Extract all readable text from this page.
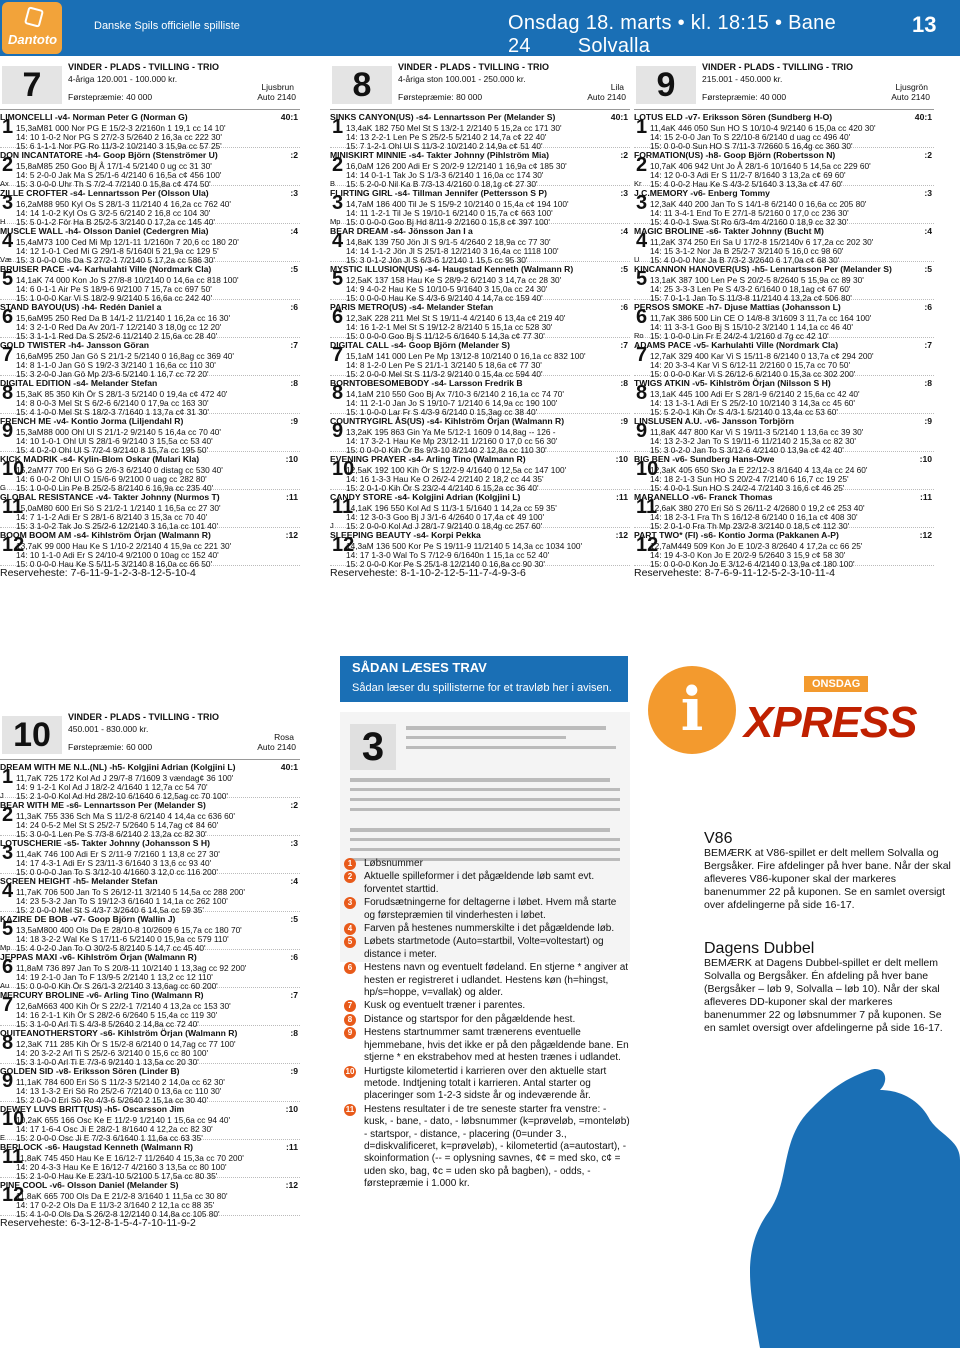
Dantoto
Danske Spils officielle spilliste	Onsdag 18. marts • kl. 18:15 • Bane 24 Solvalla
13
7	VINDER - PLADS - TVILLING - TRIO
4-åriga 120.001 - 100.000 kr.
Ljusbrun
Førstepræmie: 40 000	Auto 2140
LIMONCELLI -v4- Norman Peter G (Norman G)	40:1
1 15,3aM81 000 Nor PG E 15/2-3 2/2160n 1 19,1 cc 14 10'
14: 10 1-0-2 Nor PG S 27/2-3 5/2640 2 16,3a cc 222 30'
15: 6 1-1-1 Nor PG Ro 11/3-2 10/2140 3 15,9a cc 57 25'
DON INCANTATORE -h4- Goop Björn (Stenströmer U)	:2
2 15,8aM85 250 Goo Bj Å 17/1-4 5/2140 0 ug cc 31 30'
14: 5 2-0-0 Jak Ma S 25/1-6 4/2140 6 16,5a c¢ 456 100'
15: 3 0-0-0 Uhr Th S 7/2-4 7/2140 0 15,8a c¢ 474 50'
Ax
ZILLE CROFTER -s4- Lennartsson Per (Olsson Ula)	:3
3 16,2aM88 950 Kyl Os S 28/1-3 11/2140 4 16,2a cc 762 40'
14: 14 1-0-2 Kyl Os G 3/2-5 6/2140 2 16,8 cc 104 30'
15: 5 0-1-2 För Ha B 25/2-5 3/2140 0 17,2a cc 145 40'
H
MUSCLE WALL -h4- Olsson Daniel (Cedergren Mia)	:4
4 15,4aM73 100 Ced Mi Mp 12/1-11 1/2160n 7 20,6 cc 180 20'
14: 12 1-0-1 Ced Mi G 29/1-8 5/1640l 5 21,9a cc 129 5'
15: 3 0-0-0 Ols Da S 27/2-1 7/2140 5 17,2a cc 586 30'
Væ
BRUISER PACE -v4- Karhulahti Ville (Nordmark Cla)	:5
5 14,1aK 74 000 Kon Jo S 27/8-8 10/2140 0 14,6a cc 818 100'
14: 6 0-1-1 Air Pe S 18/9-6 9/2100 7 15,7a cc 697 50'
15: 1 0-0-0 Kar Vi S 18/2-9 9/2140 5 16,6a cc 242 40'
STAND BAYOU(US) -h4- Redén Daniel a	:6
6 15,6aM95 250 Red Da B 14/1-2 11/2140 1 16,2a cc 16 30'
14: 3 2-1-0 Red Da Av 20/1-7 12/2140 3 18,0g cc 12 20'
15: 3 1-1-1 Red Da S 25/2-6 11/2140 2 15,6a cc 28 40'
GOLD TWISTER -h4- Jansson Göran	:7
7 16,6aM95 250 Jan Gö S 21/1-2 5/2140 0 16,8ag cc 369 40'
14: 8 1-1-0 Jan Gö S 19/2-3 3/2140 1 16,6a cc 110 30'
15: 3 2-0-0 Jan Gö Mp 2/3-6 5/2140 1 16,7 cc 72 20'
DIGITAL EDITION -s4- Melander Stefan	:8
8 15,3aK 85 350 Kih Ör S 28/1-3 5/2140 0 19,4a c¢ 472 40'
14: 8 0-0-3 Mel St S 6/2-6 6/2140 0 17,9a cc 163 30'
15: 4 1-0-0 Mel St S 18/2-3 7/1640 1 13,7a c¢ 31 30'
FRENCH ME -v4- Kontio Jorma (Liljendahl R)	:9
9 15,3aM88 000 Ohl Ul S 21/1-2 9/2140 5 16,4a cc 70 40'
14: 10 1-0-1 Ohl Ul S 28/1-6 9/2140 3 15,5a cc 53 40'
15: 4 0-2-0 Ohl Ul S 7/2-4 9/2140 8 15,7a cc 195 50'
KICK MADRIK -s4- Kylin-Blom Oskar (Mulari Kla)	:10
10
15,2aM77 700 Eri Sö G 2/6-3 6/2140 0 distag cc 530 40'
14: 6 0-0-2 Ohl Ul O 15/6-6 9/2100 0 uag cc 282 80'
15: 1 0-0-0 Lin Pe B 25/2-5 8/2140 6 16,9a cc 235 40'
G
GLOBAL RESISTANCE -v4- Takter Johnny (Nurmos T)	:11
11
15,0aM80 600 Eri Sö S 21/2-1 1/2140 1 16,5a cc 27 30'
14: 7 1-1-2 Adi Er S 28/1-6 8/2140 3 15,3a cc 70 40'
15: 3 1-0-2 Tak Jo S 25/2-6 12/2140 3 16,1a cc 101 40'
BOOM BOOM AM -s4- Kihlström Örjan (Walmann R)	:12
12
13,7aK 99 000 Hau Ke S 1/10-2 2/2140 4 15,9a cc 221 30'
14: 10 1-1-0 Adi Er S 24/10-4 9/2100 0 10ag cc 152 40'
15: 0 0-0-0 Hau Ke S 5/11-5 3/2140 8 16,0a cc 66 50'
Reserveheste: 7-6-11-9-1-2-3-8-12-5-10-4
8	VINDER - PLADS - TVILLING - TRIO
4-åriga ston 100.001 - 250.000 kr.
Lila
Førstepræmie: 80 000	Auto 2140
SINKS CANYON(US) -s4- Lennartsson Per (Melander S)	40:1
1 13,4aK 182 750 Mel St S 13/2-1 2/2140 5 15,2a cc 171 30'
14: 13 2-2-1 Len Pe S 25/2-5 5/2140 2 14,7a c¢ 22 40'
15: 7 1-2-1 Ohl Ul S 11/3-2 10/2140 2 14,9a c¢ 51 40'
MINISKIRT MINNIE -s4- Takter Johnny (Pihlström Mia)	:2
2 16,0aM 126 200 Adi Er S 20/2-9 12/2140 1 16,9a c¢ 185 30'
14: 14 0-1-1 Tak Jo S 1/3-3 6/2140 1 16,0a cc 174 30'
15: 5 2-0-0 Nil Ka B 7/3-13 4/2160 0 18,1g c¢ 27 30'
B
FLIRTING GIRL -s4- Tillman Jennifer (Pettersson S P)	:3
3 14,7aM 186 400 Til Je S 15/9-2 10/2140 0 15,4a c¢ 194 100'
14: 11 1-2-1 Til Je S 19/10-1 6/2140 0 15,7a c¢ 663 100'
15: 0 0-0-0 Goo Bj Hd 8/11-9 2/2160 0 15,8 c¢ 397 100'
Mp
BEAR DREAM -s4- Jönsson Jan I a	:4
4 14,8aK 139 750 Jön Jl S 9/1-5 4/2640 2 18,9a cc 77 30'
14: 14 1-1-2 Jön Jl S 25/1-8 12/2140 3 16,4a cc 1118 100'
15: 3 0-1-2 Jön Jl S 6/3-6 1/2140 1 15,5 cc 95 30'
MYSTIC ILLUSION(US) -s4- Haugstad Kenneth (Walmann R)	:5
5 12,5aK 137 158 Hau Ke S 28/9-2 6/2140 3 14,7a cc 28 30'
14: 9 4-0-2 Hau Ke S 10/10-5 9/1640 3 15,0a cc 24 30'
15: 0 0-0-0 Hau Ke S 4/3-6 9/2140 4 14,7a cc 159 40'
PARIS METRO(US) -s4- Melander Stefan	:6
6 12,3aK 228 211 Mel St S 19/11-4 4/2140 6 13,4a c¢ 219 40'
14: 16 1-2-1 Mel St S 19/12-2 8/2140 5 15,1a cc 528 30'
15: 0 0-0-0 Goo Bj S 11/12-5 6/1640 5 14,3a c¢ 77 30'
DIGITAL CALL -s4- Goop Björn (Melander S)	:7
7 15,1aM 141 000 Len Pe Mp 13/12-8 10/2140 0 16,1a cc 832 100'
14: 8 1-2-0 Len Pe S 21/1-1 3/2140 5 18,6a c¢ 77 30'
15: 2 0-0-0 Mel St S 11/3-2 9/2140 0 15,4a cc 594 40'
BORNTOBESOMEBODY -s4- Larsson Fredrik B	:8
8 14,1aM 210 550 Goo Bj Ax 7/10-3 6/2140 2 16,1a cc 74 70'
14: 11 2-1-0 Jan Jo S 19/10-7 1/2140 6 14,9a cc 190 100'
15: 1 0-0-0 Lar Fr S 4/3-9 6/2140 0 15,3ag cc 38 40'
COUNTRYGIRL ÅS(US) -s4- Kihlström Örjan (Walmann R)	:9
9 13,2aK 195 863 Gin Ya Me 5/12-1 1609 0 14,8ag -- 126 -
14: 17 3-2-1 Hau Ke Mp 23/12-11 1/2160 0 17,0 cc 56 30'
15: 0 0-0-0 Kih Ör Bs 9/3-10 8/2140 2 12,8a cc 110 30'
EVENING PRAYER -s4- Arling Tino (Walmann R)	:10
10
12,5aK 192 100 Kih Ör S 12/2-9 4/1640 0 12,5a cc 147 100'
14: 16 1-3-3 Hau Ke O 26/2-4 2/2140 2 18,2 cc 44 35'
15: 2 0-1-0 Kih Ör S 23/2-4 4/2140 6 15,2a cc 36 40'
CANDY STORE -s4- Kolgjini Adrian (Kolgjini L)	:11
11
14,1aK 196 550 Kol Ad S 11/3-1 5/1640 1 14,2a cc 59 35'
14: 12 3-0-3 Goo Bj J 3/1-6 4/2640 0 17,4a c¢ 49 100'
15: 2 0-0-0 Kol Ad J 28/1-7 9/2140 0 18,4g cc 257 60'
J
SLEEPING BEAUTY -s4- Korpi Pekka	:12
12
14,3aM 136 500 Kor Pe S 19/11-9 11/2140 5 14,3a cc 1034 100'
14: 17 1-3-0 Wal To S 7/12-9 6/1640n 1 15,1a cc 52 40'
15: 2 0-0-0 Kor Pe S 25/1-8 12/2140 0 16,8a cc 90 30'
Reserveheste: 8-1-10-2-12-5-11-7-4-9-3-6
9	VINDER - PLADS - TVILLING - TRIO
215.001 - 450.000 kr.
Ljusgrön
Førstepræmie: 40 000	Auto 2140
LOTUS ELD -v7- Eriksson Sören (Sundberg H-O)	40:1
1 11,4aK 446 050 Sun HO S 10/10-4 9/2140 6 15,0a cc 420 30'
14: 15 2-0-0 Jan To S 22/10-8 6/2140 d uag cc 496 40'
15: 0 0-0-0 Sun HO S 7/11-3 7/2660 5 16,4g cc 360 30'
FORMATION(US) -h8- Goop Björn (Robertsson N)	:2
2 10,7aK 406 942 Unt Jo Å 28/1-6 10/1640 5 14,5a cc 229 60'
14: 12 0-0-3 Adi Er S 11/2-7 8/1640 3 13,2a c¢ 69 60'
15: 4 0-0-2 Hau Ke S 4/3-2 5/1640 3 13,3a c¢ 47 60'
Kr
J.C.MEMORY -v6- Enberg Tommy	:3
3 12,3aK 440 200 Jan To S 14/1-8 6/2140 0 16,6a cc 205 80'
14: 11 3-4-1 End To E 27/1-8 5/2160 0 17,0 cc 236 30'
15: 4 0-0-1 Swa St Ro 6/3-4m 4/2160 0 18,9 cc 32 30'
MAGIC BROLINE -s6- Takter Johnny (Bucht M)	:4
4 11,2aK 374 250 Eri Sa U 17/2-8 15/2140v 6 17,2a cc 202 30'
14: 15 3-1-2 Nor Ja B 25/2-7 3/2140 5 16,0 cc 98 60'
15: 4 0-0-0 Nor Ja B 7/3-2 3/2640 6 17,0a c¢ 68 30'
U
KINCANNON HANOVER(US) -h5- Lennartsson Per (Melander S)	:5
5 13,1aK 387 100 Len Pe S 20/2-5 8/2640 5 15,9a cc 89 30'
14: 25 3-3-3 Len Pe S 4/3-2 6/1640 0 18,1ag c¢ 67 60'
15: 7 0-1-1 Jan To S 11/3-8 11/2140 4 13,2a c¢ 506 80'
PERSOS SMOKE -h7- Djuse Mattias (Johansson L)	:6
6 11,7aK 386 500 Lin CE O 14/8-8 3/1609 3 11,7a cc 164 100'
14: 11 3-3-1 Goo Bj S 15/10-2 3/2140 1 14,1a cc 46 40'
15: 1 0-0-0 Lin Fr E 24/2-4 1/2160 d 7g cc 42 10'
Ro
ADAMS PACE -v5- Karhulahti Ville (Nordmark Cla)	:7
7 12,7aK 329 400 Kar Vi S 15/11-8 6/2140 0 13,7a c¢ 294 200'
14: 20 3-3-4 Kar Vi S 6/12-11 2/2160 0 15,7a cc 70 50'
15: 0 0-0-0 Kar Vi S 26/12-6 6/2140 0 15,3a cc 302 200'
TWIGS ATKIN -v5- Kihlström Örjan (Nilsson S H)	:8
8 13,1aK 445 100 Adi Er S 28/1-9 6/2140 2 15,6a cc 42 40'
14: 13 1-3-1 Adi Er S 25/2-10 10/2140 3 14,3a cc 45 60'
15: 5 2-0-1 Kih Ör S 4/3-1 5/2140 0 13,4a cc 53 60'
LINSLUSEN A.U. -v6- Jansson Torbjörn	:9
9 11,8aK 447 800 Kar Vi S 19/11-3 5/2140 1 13,6a cc 39 30'
14: 13 2-3-2 Jan To S 19/11-6 11/2140 2 15,3a cc 82 30'
15: 3 0-2-0 Jan To S 3/12-6 4/2140 0 13,9a c¢ 42 40'
BIG BEN -v6- Sundberg Hans-Owe	:10
10
12,3aK 405 650 Sko Ja E 22/12-3 8/1640 4 13,4a cc 24 60'
14: 18 2-1-3 Sun HO S 20/2-4 7/2140 6 16,7 cc 19 25'
15: 4 0-0-1 Sun HO S 24/2-4 7/2140 3 16,6 c¢ 46 25'
MARANELLO -v6- Franck Thomas	:11
11
12,6aK 380 270 Eri Sö S 26/11-2 4/2680 0 19,2 c¢ 253 40'
14: 18 2-3-1 Fra Th S 16/12-8 6/2140 0 16,1a c¢ 408 30'
15: 2 0-1-0 Fra Th Mp 23/2-8 3/2140 0 18,5 c¢ 112 30'
PART TWO* (FI) -s6- Kontio Jorma (Pakkanen A-P)	:12
12
12,7aM449 509 Kon Jo E 10/2-3 8/2640 4 17,2a cc 66 25'
14: 19 4-3-0 Kon Jo E 20/2-9 5/2640 3 15,9 c¢ 58 30'
15: 0 0-0-0 Kon Jo E 3/12-6 4/2140 0 13,9a c¢ 180 100'
Reserveheste: 8-7-6-9-11-12-5-2-3-10-11-4
10	VINDER - PLADS - TVILLING - TRIO
450.001 - 830.000 kr.
Rosa
Førstepræmie: 60 000	Auto 2140
DREAM WITH ME N.L.(NL) -h5- Kolgjini Adrian (Kolgjini L)	40:1
1 11,7aK 725 172 Kol Ad J 29/7-8 7/1609 3 vændag¢ 36 100'
14: 9 1-2-1 Kol Ad J 18/2-2 4/1640 1 12,7a cc 54 70'
15: 2 1-0-0 Kol Ad Hd 28/2-10 6/1640 6 12,5ag cc 70 100'
J
BEAR WITH ME -s6- Lennartsson Per (Melander S)	:2
2 11,3aK 755 336 Sch Ma S 11/2-8 6/2140 4 14,4a cc 636 60'
14: 24 0-5-2 Mel St S 25/2-7 5/2640 5 14,7ag c¢ 84 60'
15: 3 0-0-1 Len Pe S 7/3-8 6/2140 2 13,2a cc 82 30'
LOTUSCHERIE -s5- Takter Johnny (Johansson S H)	:3
3 11,4aK 746 100 Adi Er S 2/11-9 7/2160 1 13,8 cc 27 30'
14: 17 4-3-1 Adi Er S 23/11-3 6/1640 3 13,6 cc 93 40'
15: 0 0-0-0 Jan To S 3/12-10 4/1660 3 12,0 cc 116 200'
SCREEN HEIGHT -h5- Melander Stefan	:4
4 11,7aK 706 500 Jan To S 26/12-11 3/2140 5 14,5a cc 288 200'
14: 23 5-3-2 Jan To S 19/12-3 6/1640 1 14,1a cc 262 100'
15: 2 0-0-0 Mel St S 4/3-7 3/2640 6 14,5a cc 59 35'
KAZIRE DE BOB -v7- Goop Björn (Wallin J)	:5
5 13,5aM800 400 Ols Da E 28/10-8 10/2609 6 15,7a cc 180 70'
14: 18 3-2-2 Wal Ke S 17/11-6 5/2140 0 15,9a cc 579 110'
15: 4 0-2-0 Jan To O 30/2-5 8/2140 5 14,7 cc 45 40'
Mp
JEPPAS MAXI -v6- Kihlström Örjan (Walmann R)	:6
6 11,8aM 736 897 Jan To S 20/8-11 10/2140 1 13,3ag cc 92 200'
14: 19 2-1-0 Jan To F 13/9-5 2/2140 1 13,2 cc 12 110'
15: 0 0-0-0 Kih Ör S 26/1-3 2/2140 3 13,6ag cc 60 200'
Au
MERCURY BROLINE -v6- Arling Tino (Walmann R)	:7
7 12,6aM663 400 Kih Ör S 22/2-1 7/2140 4 13,2a cc 153 30'
14: 16 2-1-1 Kih Ör S 28/2-6 6/2640 5 15,4a cc 119 30'
15: 3 1-0-0 Arl Ti S 4/3-8 5/2640 2 14,8a cc 72 40'
QUITEANOTHERSTORY -s6- Kihlström Örjan (Walmann R)	:8
8 12,3aK 711 285 Kih Ör S 15/2-8 6/2140 0 14,7ag cc 77 100'
14: 20 3-2-2 Arl Ti S 25/2-6 3/2140 0 15,6 cc 80 100'
15: 3 1-0-0 Arl Ti E 7/3-6 9/2140 1 13,5a cc 20 30'
GOLDEN SID -v8- Eriksson Sören (Linder B)	:9
9 11,1aK 784 600 Eri Sö S 11/2-3 5/2140 2 14,0a cc 62 30'
14: 13 1-3-2 Eri Sö Ro 25/2-6 7/2140 0 13,6a cc 110 30'
15: 2 0-0-0 Eri Sö Ro 4/3-6 5/2640 2 15,1a cc 30 40'
DEWEY LUVS BRITT(US) -h5- Oscarsson Jim	:10
10
10,2aK 655 166 Osc Ke E 11/2-9 1/2140 1 15,6a cc 94 40'
14: 17 1-6-4 Osc Ji E 28/2-1 8/1640 4 12,2a cc 82 30'
15: 2 0-0-0 Osc Ji E 7/2-3 6/1640 1 11,6a cc 63 35'
E
BERLOCK -s6- Haugstad Kenneth (Walmann R)	:11
11
11,8aK 745 450 Hau Ke E 16/12-7 11/2640 4 15,3a cc 70 200'
14: 20 4-3-3 Hau Ke E 16/12-7 4/2160 3 13,5a cc 80 100'
15: 2 1-0-0 Hau Ke E 23/1-10 5/2100 5 17,5a cc 80 35'
PINE COOL -v6- Olsson Daniel (Melander S)	:12
12
11,8aK 665 700 Ols Da E 21/2-8 3/1640 1 11,5a cc 30 80'
14: 17 0-2-2 Ols Da E 11/3-2 3/1640 2 12,1a cc 88 35'
15: 4 1-0-0 Ols Da S 26/2-8 12/2140 0 14,8a cc 105 80'
Reserveheste: 6-3-12-8-1-5-4-7-10-11-9-2
SÅDAN LÆSES TRAV
Sådan læser du spillisterne for et travløb her i avisen.
3
1	Løbsnummer
2	Aktuelle spilleformer i det pågældende løb samt evt. forventet starttid.
3	Forudsætningerne for deltagerne i løbet. Hvem må starte og førstepræmien til vinderhesten i løbet.
4	Farven på hestenes nummerskilte i det pågældende løb.
5	Løbets startmetode (Auto=startbil, Volte=voltestart) og distance i meter.
6	Hestens navn og eventuelt fødeland. En stjerne * angiver at hesten er registreret i udlandet. Hestens køn (h=hingst, hp/s=hoppe, v=vallak) og alder.
7	Kusk og eventuelt træner i parentes.
8	Distance og startspor for den pågældende hest.
9	Hestens startnummer samt trænerens eventuelle hjemmebane, hvis det ikke er på den pågældende bane. En stjerne * en ekstrabehov med at hesten trænes i udlandet.
10 Hurtigste kilometertid i karrieren over den aktuelle start metode. Indtjening totalt i karrieren. Antal starter og placeringer som 1-2-3 sidste år og indeværende år.
11 Hestens resultater i de tre seneste starter fra venstre: - kusk, - bane, - dato, - løbsnummer (k=prøveløb, =monteløb) - startspor, - distance, - placering (0=under 3., d=diskvalificeret, k=prøveløb), - kilometertid (a=autostart), - skoinformation (-- = oplysning savnes, ¢¢ = med sko, c¢ = uden sko, bag, ¢c = uden sko på bagben), - odds, - førstepræmie i 1.000 kr.
i	ONSDAG
XPRESS
V86

BEMÆRK at V86-spillet er delt mellem Solvalla og Bergsåker. Fire afdelinger på hver bane. Når der skal afleveres V86-kuponer skal der markeres banenummer 22 på kuponen. Se en samlet oversigt over afdelingerne på side 16-17.

Dagens Dubbel

BEMÆRK at Dagens Dubbel-spillet er delt mellem Solvalla og Bergsåker. Én afdeling på hver bane (Bergsåker – løb 9, Solvalla – løb 10). Når der skal afleveres DD-kuponer skal der markeres banenummer 22 og løbsnummer 7 på kuponen. Se en samlet oversigt over afdelingerne på side 16-17.
